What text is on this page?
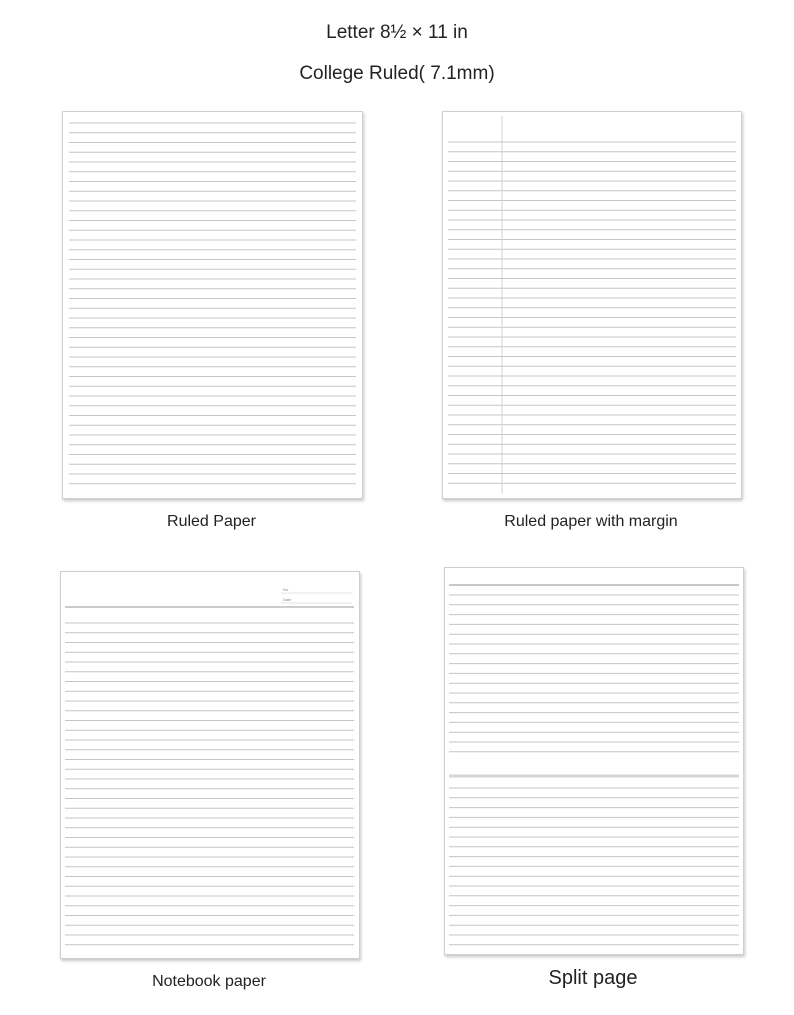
Letter 8½ × 11 in
College Ruled( 7.1mm)
Ruled Paper	Ruled paper with margin
No.
Date
Notebook paper	Split page
